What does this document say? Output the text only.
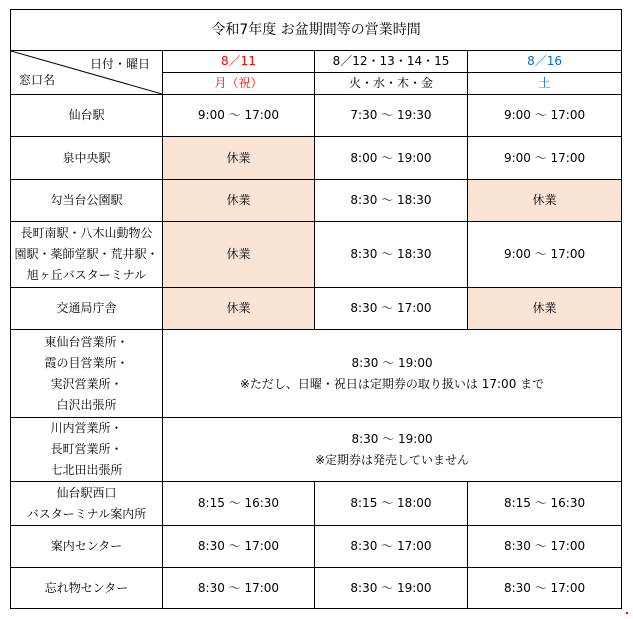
令和7年度 お盆期間等の営業時間			

日付・曜日
窓口名	8／11	8／12・13・14・15	8／16
	月（祝）	火・水・木・金	土

仙台駅	9:00 ～ 17:00	7:30 ～ 19:30	9:00 ～ 17:00

泉中央駅	休業	8:00 ～ 19:00	9:00 ～ 17:00

勾当台公園駅	休業	8:30 ～ 18:30	休業

長町南駅・八木山動物公
園駅・薬師堂駅・荒井駅・
旭ヶ丘バスターミナル	休業	8:30 ～ 18:30	9:00 ～ 17:00

交通局庁舎	休業	8:30 ～ 17:00	休業

東仙台営業所・
霞の目営業所・
実沢営業所・
白沢出張所	8:30 ～ 19:00
※ただし、日曜・祝日は定期券の取り扱いは 17:00 まで		

川内営業所・
長町営業所・
七北田出張所	8:30 ～ 19:00
※定期券は発売していません		

仙台駅西口
バスターミナル案内所	8:15 ～ 16:30	8:15 ～ 18:00	8:15 ～ 16:30

案内センター	8:30 ～ 17:00	8:30 ～ 17:00	8:30 ～ 17:00

忘れ物センター	8:30 ～ 17:00	8:30 ～ 19:00	8:30 ～ 17:00
